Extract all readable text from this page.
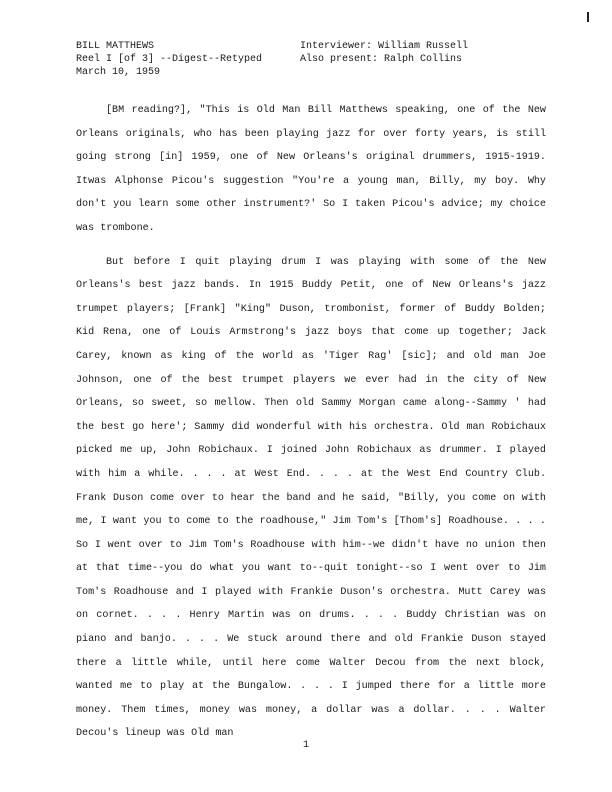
BILL MATTHEWS
Reel I [of 3] --Digest--Retyped
March 10, 1959
Interviewer: William Russell
Also present: Ralph Collins

[BM reading?], "This is Old Man Bill Matthews speaking, one of the New Orleans originals, who has been playing jazz for over forty years, is still going strong [in] 1959, one of New Orleans's original drummers, 1915-1919. Itwas Alphonse Picou's suggestion "You're a young man, Billy, my boy. Why don't you learn some other instrument?' So I taken Picou's advice; my choice was trombone.

But before I quit playing drum I was playing with some of the New Orleans's best jazz bands. In 1915 Buddy Petit, one of New Orleans's jazz trumpet players; [Frank] "King" Duson, trombonist, former of Buddy Bolden; Kid Rena, one of Louis Armstrong's jazz boys that come up together; Jack Carey, known as king of the world as 'Tiger Rag' [sic]; and old man Joe Johnson, one of the best trumpet players we ever had in the city of New Orleans, so sweet, so mellow. Then old Sammy Morgan came along--Sammy ' had the best go here'; Sammy did wonderful with his orchestra. Old man Robichaux picked me up, John Robichaux. I joined John Robichaux as drummer. I played with him a while. . . . at West End. . . . at the West End Country Club. Frank Duson come over to hear the band and he said, "Billy, you come on with me, I want you to come to the roadhouse," Jim Tom's [Thom's] Roadhouse. . . . So I went over to Jim Tom's Roadhouse with him--we didn't have no union then at that time--you do what you want to--quit tonight--so I went over to Jim Tom's Roadhouse and I played with Frankie Duson's orchestra. Mutt Carey was on cornet. . . . Henry Martin was on drums. . . . Buddy Christian was on piano and banjo. . . . We stuck around there and old Frankie Duson stayed there a little while, until here come Walter Decou from the next block, wanted me to play at the Bungalow. . . . I jumped there for a little more money. Them times, money was money, a dollar was a dollar. . . . Walter Decou's lineup was Old man

1
